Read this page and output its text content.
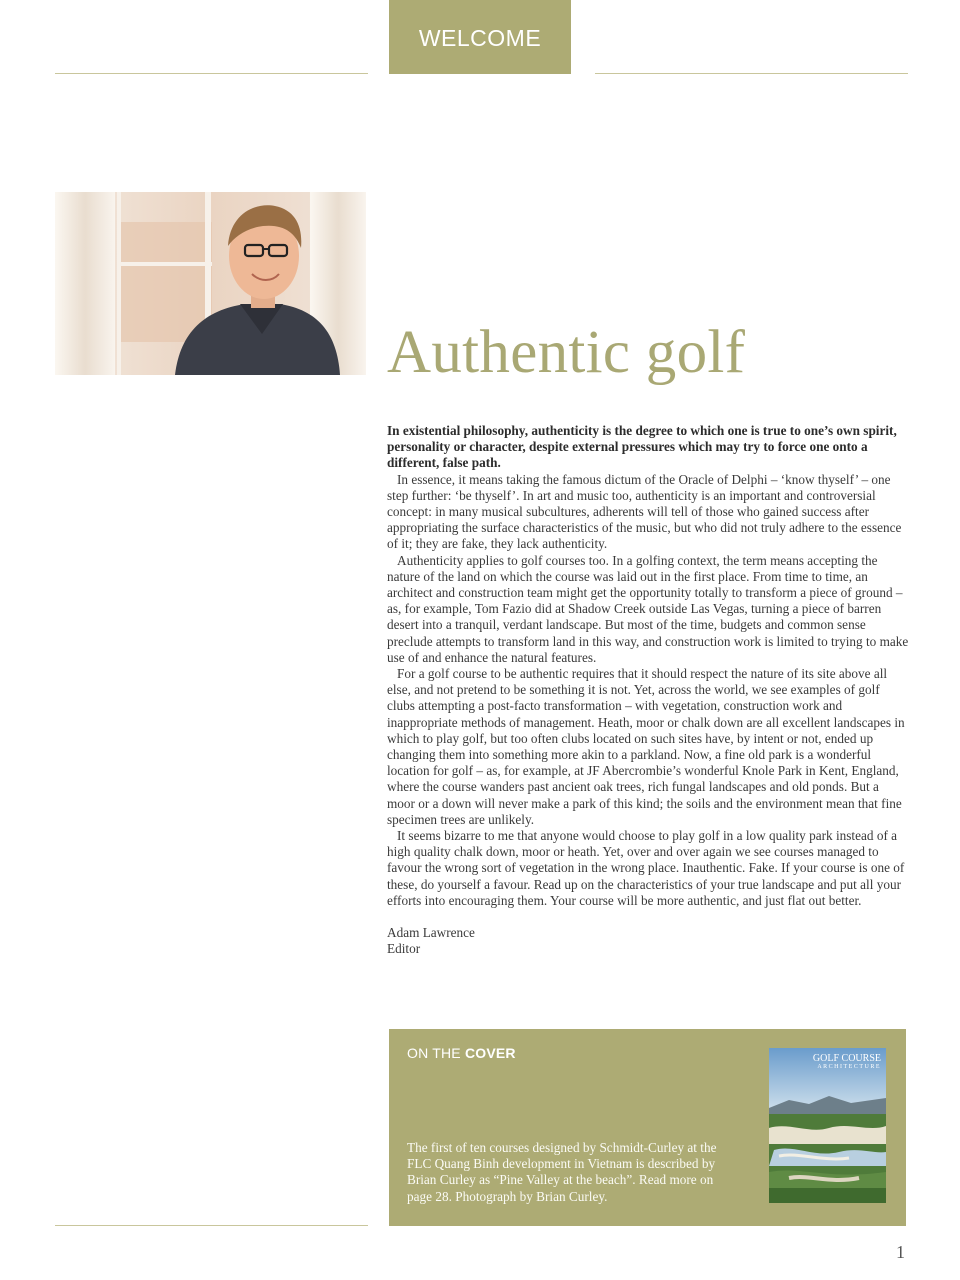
WELCOME
Authentic golf

In existential philosophy, authenticity is the degree to which one is true to one’s own spirit, personality or character, despite external pressures which may try to force one onto a different, false path.

In essence, it means taking the famous dictum of the Oracle of Delphi – ‘know thyself’ – one step further: ‘be thyself’. In art and music too, authenticity is an important and controversial concept: in many musical subcultures, adherents will tell of those who gained success after appropriating the surface characteristics of the music, but who did not truly adhere to the essence of it; they are fake, they lack authenticity.

Authenticity applies to golf courses too. In a golfing context, the term means accepting the nature of the land on which the course was laid out in the first place. From time to time, an architect and construction team might get the opportunity totally to transform a piece of ground – as, for example, Tom Fazio did at Shadow Creek outside Las Vegas, turning a piece of barren desert into a tranquil, verdant landscape. But most of the time, budgets and common sense preclude attempts to transform land in this way, and construction work is limited to trying to make use of and enhance the natural features.

For a golf course to be authentic requires that it should respect the nature of its site above all else, and not pretend to be something it is not. Yet, across the world, we see examples of golf clubs attempting a post-facto transformation – with vegetation, construction work and inappropriate methods of management. Heath, moor or chalk down are all excellent landscapes in which to play golf, but too often clubs located on such sites have, by intent or not, ended up changing them into something more akin to a parkland. Now, a fine old park is a wonderful location for golf – as, for example, at JF Abercrombie’s wonderful Knole Park in Kent, England, where the course wanders past ancient oak trees, rich fungal landscapes and old ponds. But a moor or a down will never make a park of this kind; the soils and the environment mean that fine specimen trees are unlikely.

It seems bizarre to me that anyone would choose to play golf in a low quality park instead of a high quality chalk down, moor or heath. Yet, over and over again we see courses managed to favour the wrong sort of vegetation in the wrong place. Inauthentic. Fake. If your course is one of these, do yourself a favour. Read up on the characteristics of your true landscape and put all your efforts into encouraging them. Your course will be more authentic, and just flat out better.

Adam Lawrence
Editor
ON THE COVER
The first of ten courses designed by Schmidt-Curley at the FLC Quang Binh development in Vietnam is described by Brian Curley as “Pine Valley at the beach”. Read more on page 28. Photograph by Brian Curley.
GOLF COURSE
ARCHITECTURE
1
